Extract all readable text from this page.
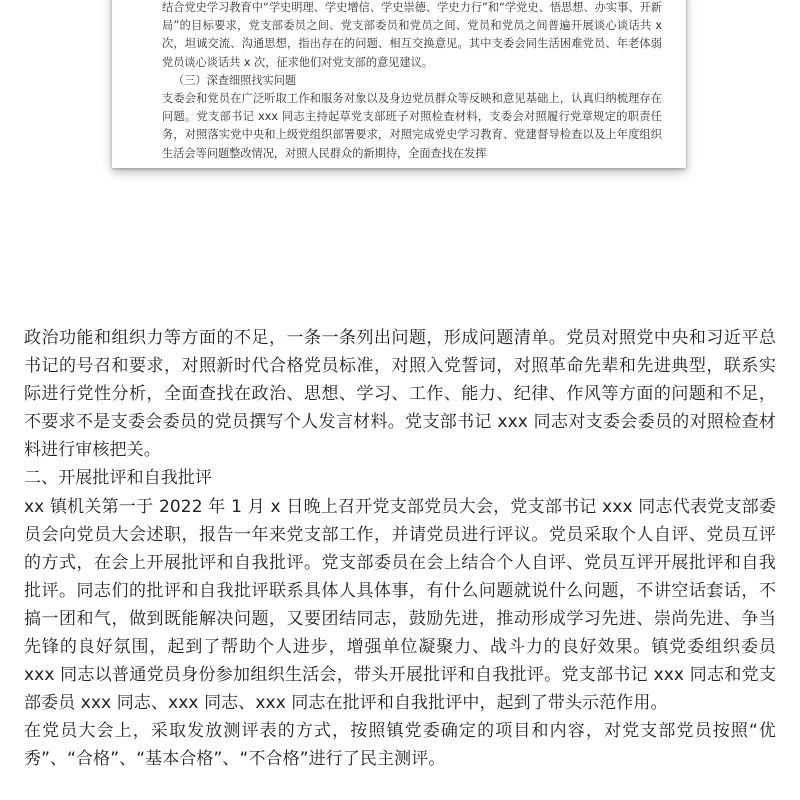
结合党史学习教育中“学史明理、学史增信、学史崇德、学史力行”和“学党史、悟思想、办实事、开新局”的目标要求，党支部委员之间、党支部委员和党员之间、党员和党员之间普遍开展谈心谈话共 x 次，坦诚交流、沟通思想，指出存在的问题、相互交换意见。其中支委会同生活困难党员、年老体弱党员谈心谈话共 x 次，征求他们对党支部的意见建议。

（三）深查细照找实问题

支委会和党员在广泛听取工作和服务对象以及身边党员群众等反映和意见基础上，认真归纳梳理存在问题。党支部书记 xxx 同志主持起草党支部班子对照检查材料，支委会对照履行党章规定的职责任务，对照落实党中央和上级党组织部署要求，对照完成党史学习教育、党建督导检查以及上年度组织生活会等问题整改情况，对照人民群众的新期待，全面查找在发挥

政治功能和组织力等方面的不足，一条一条列出问题，形成问题清单。党员对照党中央和习近平总书记的号召和要求，对照新时代合格党员标准，对照入党誓词，对照革命先辈和先进典型，联系实际进行党性分析，全面查找在政治、思想、学习、工作、能力、纪律、作风等方面的问题和不足，不要求不是支委会委员的党员撰写个人发言材料。党支部书记 xxx 同志对支委会委员的对照检查材料进行审核把关。

二、开展批评和自我批评

xx 镇机关第一于 2022 年 1 月 x 日晚上召开党支部党员大会，党支部书记 xxx 同志代表党支部委员会向党员大会述职，报告一年来党支部工作，并请党员进行评议。党员采取个人自评、党员互评的方式，在会上开展批评和自我批评。党支部委员在会上结合个人自评、党员互评开展批评和自我批评。同志们的批评和自我批评联系具体人具体事，有什么问题就说什么问题，不讲空话套话，不搞一团和气，做到既能解决问题，又要团结同志，鼓励先进，推动形成学习先进、崇尚先进、争当先锋的良好氛围，起到了帮助个人进步，增强单位凝聚力、战斗力的良好效果。镇党委组织委员 xxx 同志以普通党员身份参加组织生活会，带头开展批评和自我批评。党支部书记 xxx 同志和党支部委员 xxx 同志、xxx 同志、xxx 同志在批评和自我批评中，起到了带头示范作用。

在党员大会上，采取发放测评表的方式，按照镇党委确定的项目和内容，对党支部党员按照“优秀”、“合格”、“基本合格”、“不合格”进行了民主测评。
